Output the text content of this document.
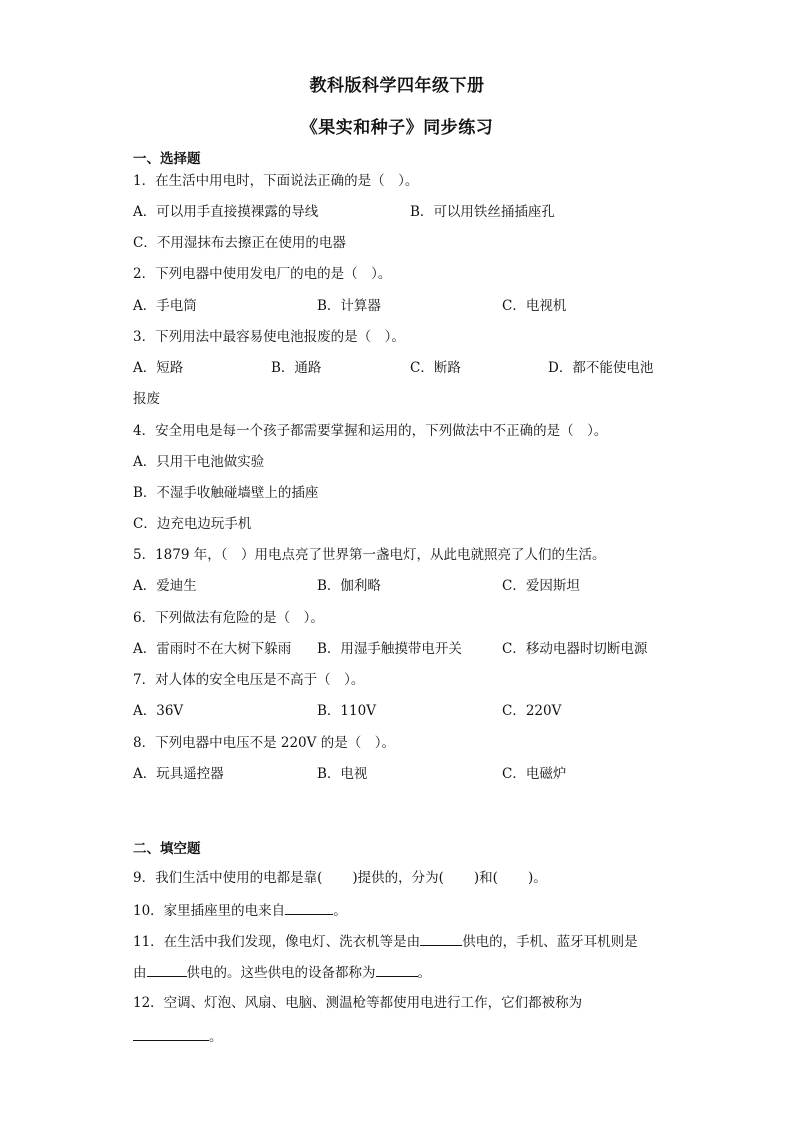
教科版科学四年级下册
《果实和种子》同步练习
一、选择题
1．在生活中用电时，下面说法正确的是（　）。
A．可以用手直接摸裸露的导线	B．可以用铁丝捅插座孔
C．不用湿抹布去擦正在使用的电器
2．下列电器中使用发电厂的电的是（　）。
A．手电筒	B．计算器	C．电视机
3．下列用法中最容易使电池报废的是（　）。
A．短路	B．通路	C．断路	D．都不能使电池
报废
4．安全用电是每一个孩子都需要掌握和运用的，下列做法中不正确的是（　）。
A．只用干电池做实验
B．不湿手收触碰墙壁上的插座
C．边充电边玩手机
5．1879 年，（　）用电点亮了世界第一盏电灯，从此电就照亮了人们的生活。
A．爱迪生	B．伽利略	C．爱因斯坦
6．下列做法有危险的是（　）。
A．雷雨时不在大树下躲雨 B．用湿手触摸带电开关	C．移动电器时切断电源
7．对人体的安全电压是不高于（　）。
A．36V	B．110V	C．220V
8．下列电器中电压不是 220V 的是（　）。
A．玩具遥控器	B．电视	C．电磁炉
二、填空题
9．我们生活中使用的电都是靠( )提供的，分为( )和( )。
10．家里插座里的电来自	。
11．在生活中我们发现，像电灯、洗衣机等是由	供电的，手机、蓝牙耳机则是
由	供电的。这些供电的设备都称为	。
12．空调、灯泡、风扇、电脑、测温枪等都使用电进行工作，它们都被称为
。
